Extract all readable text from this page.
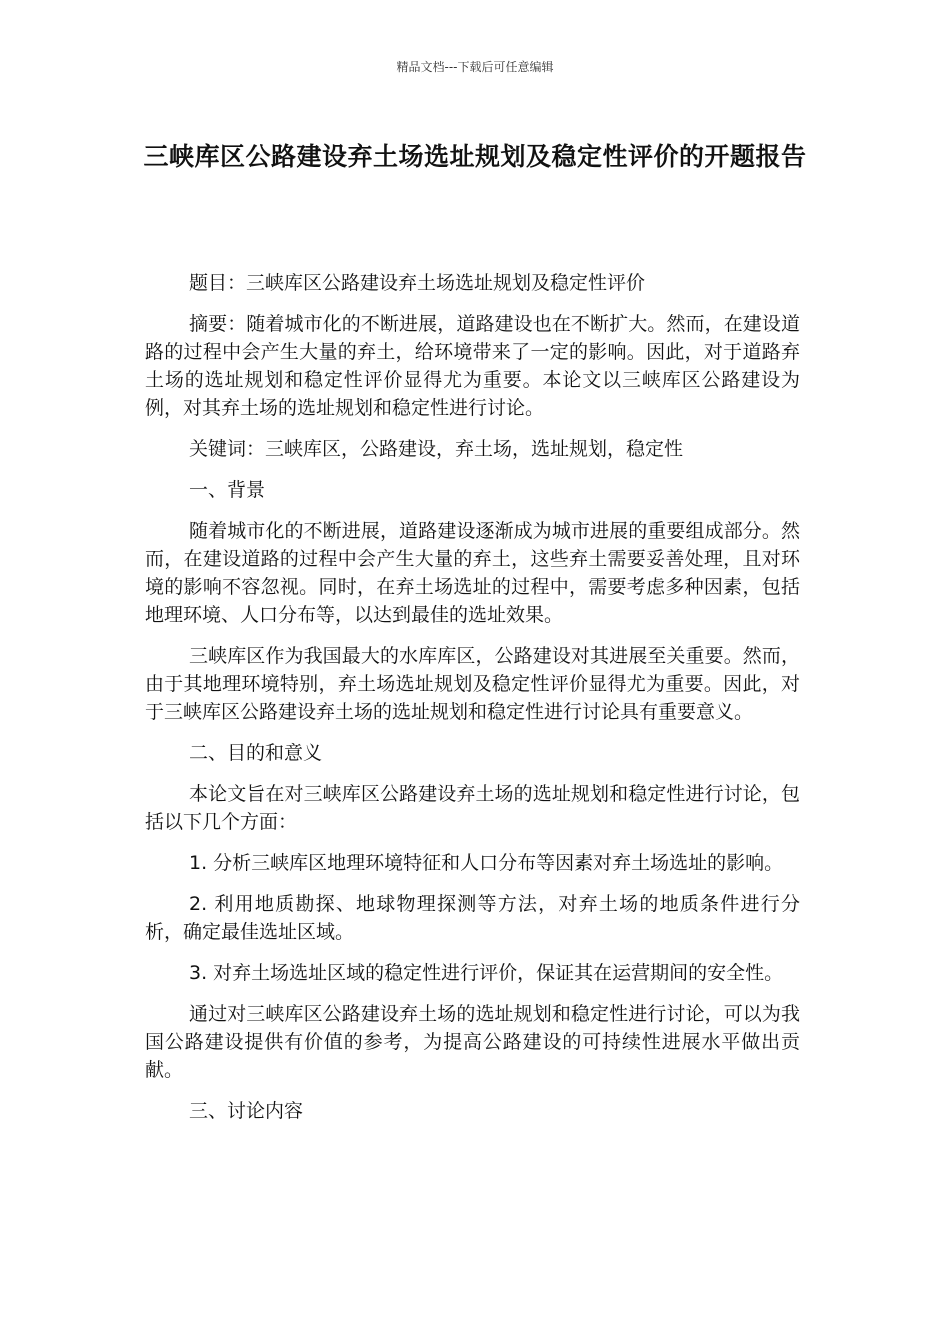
精品文档---下载后可任意编辑
三峡库区公路建设弃土场选址规划及稳定性评价的开题报告

题目：三峡库区公路建设弃土场选址规划及稳定性评价

摘要：随着城市化的不断进展，道路建设也在不断扩大。然而，在建设道路的过程中会产生大量的弃土，给环境带来了一定的影响。因此，对于道路弃土场的选址规划和稳定性评价显得尤为重要。本论文以三峡库区公路建设为例，对其弃土场的选址规划和稳定性进行讨论。

关键词：三峡库区，公路建设，弃土场，选址规划，稳定性

一、背景

随着城市化的不断进展，道路建设逐渐成为城市进展的重要组成部分。然而，在建设道路的过程中会产生大量的弃土，这些弃土需要妥善处理，且对环境的影响不容忽视。同时，在弃土场选址的过程中，需要考虑多种因素，包括地理环境、人口分布等，以达到最佳的选址效果。

三峡库区作为我国最大的水库库区，公路建设对其进展至关重要。然而，由于其地理环境特别，弃土场选址规划及稳定性评价显得尤为重要。因此，对于三峡库区公路建设弃土场的选址规划和稳定性进行讨论具有重要意义。

二、目的和意义

本论文旨在对三峡库区公路建设弃土场的选址规划和稳定性进行讨论，包括以下几个方面：

1. 分析三峡库区地理环境特征和人口分布等因素对弃土场选址的影响。

2. 利用地质勘探、地球物理探测等方法，对弃土场的地质条件进行分析，确定最佳选址区域。

3. 对弃土场选址区域的稳定性进行评价，保证其在运营期间的安全性。

通过对三峡库区公路建设弃土场的选址规划和稳定性进行讨论，可以为我国公路建设提供有价值的参考，为提高公路建设的可持续性进展水平做出贡献。

三、讨论内容
